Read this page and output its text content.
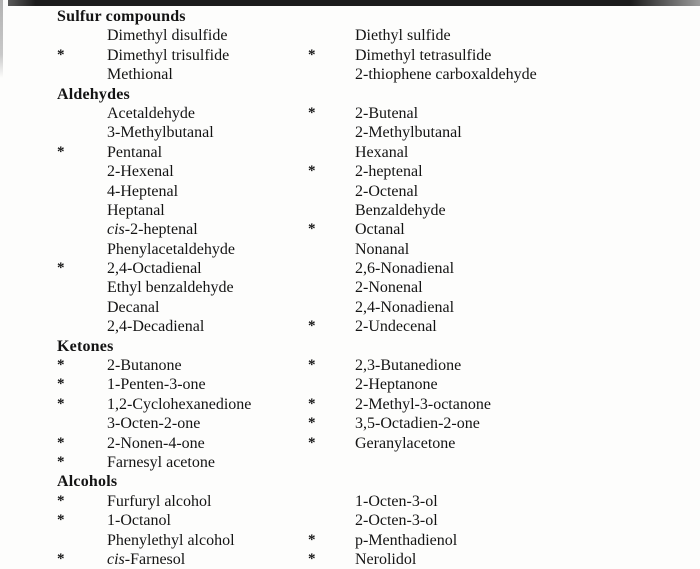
Sulfur compounds
Dimethyl disulfide	Diethyl sulfide
*	Dimethyl trisulfide	*	Dimethyl tetrasulfide
Methional	2-thiophene carboxaldehyde
Aldehydes
Acetaldehyde	*	2-Butenal
3-Methylbutanal	2-Methylbutanal
*	Pentanal	Hexanal
2-Hexenal	*	2-heptenal
4-Heptenal	2-Octenal
Heptanal	Benzaldehyde
cis-2-heptenal	*	Octanal
Phenylacetaldehyde	Nonanal
*	2,4-Octadienal	2,6-Nonadienal
Ethyl benzaldehyde	2-Nonenal
Decanal	2,4-Nonadienal
2,4-Decadienal	*	2-Undecenal
Ketones
*	2-Butanone	*	2,3-Butanedione
*	1-Penten-3-one	2-Heptanone
*	1,2-Cyclohexanedione	*	2-Methyl-3-octanone
3-Octen-2-one	*	3,5-Octadien-2-one
*	2-Nonen-4-one	*	Geranylacetone
*	Farnesyl acetone
Alcohols
*	Furfuryl alcohol	1-Octen-3-ol
*	1-Octanol	2-Octen-3-ol
Phenylethyl alcohol	*	p-Menthadienol
*	cis-Farnesol	*	Nerolidol
